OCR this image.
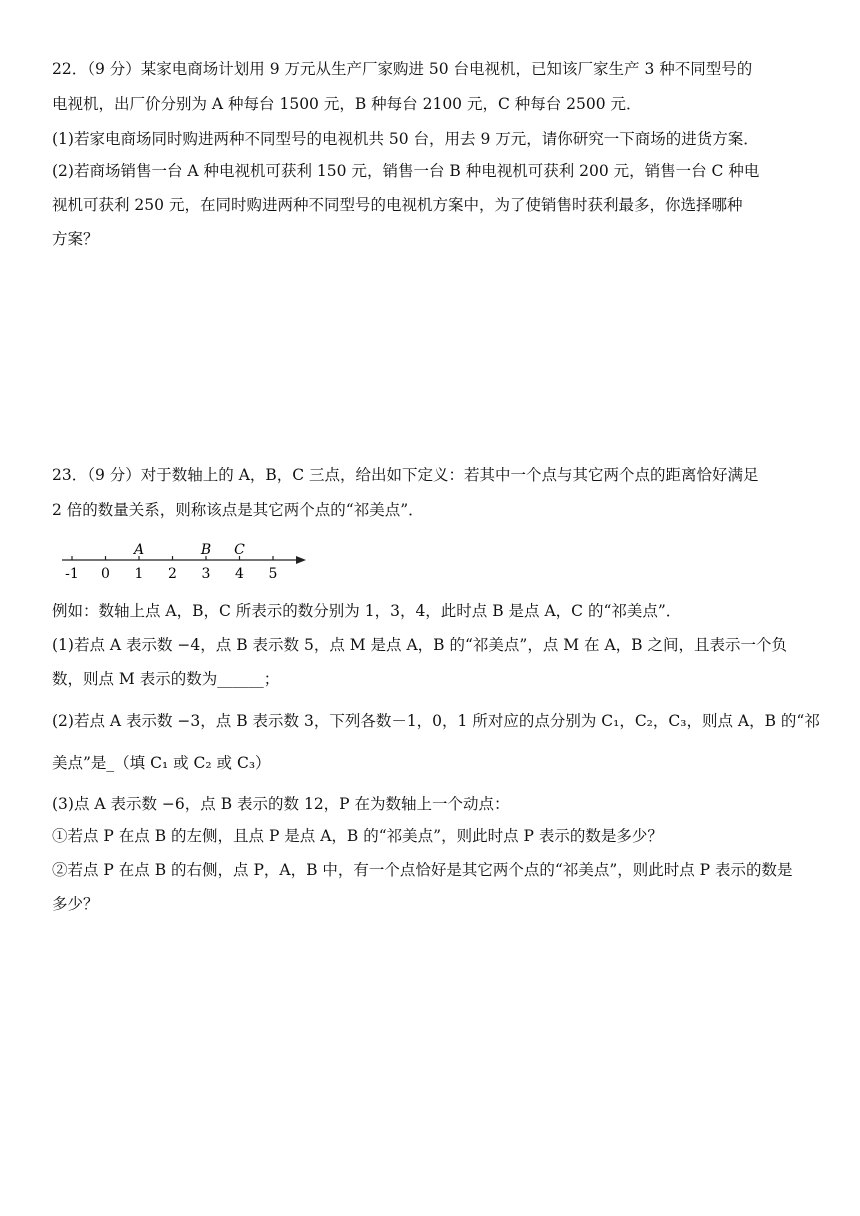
22．（9 分）某家电商场计划用 9 万元从生产厂家购进 50 台电视机，已知该厂家生产 3 种不同型号的
电视机，出厂价分别为 A 种每台 1500 元，B 种每台 2100 元，C 种每台 2500 元．
(1)若家电商场同时购进两种不同型号的电视机共 50 台，用去 9 万元，请你研究一下商场的进货方案．
(2)若商场销售一台 A 种电视机可获利 150 元，销售一台 B 种电视机可获利 200 元，销售一台 C 种电
视机可获利 250 元，在同时购进两种不同型号的电视机方案中，为了使销售时获利最多，你选择哪种
方案？
23．（9 分）对于数轴上的 A，B，C 三点，给出如下定义：若其中一个点与其它两个点的距离恰好满足
2 倍的数量关系，则称该点是其它两个点的“祁美点”．
-1 0 1 2 3 4 5
A	B C
例如：数轴上点 A，B，C 所表示的数分别为 1，3，4，此时点 B 是点 A，C 的“祁美点”．
(1)若点 A 表示数 −4，点 B 表示数 5，点 M 是点 A，B 的“祁美点”，点 M 在 A，B 之间，且表示一个负
数，则点 M 表示的数为______；
(2)若点 A 表示数 −3，点 B 表示数 3，下列各数－1，0，1 所对应的点分别为 C₁，C₂，C₃，则点 A，B 的“祁
美点”是_（填 C₁ 或 C₂ 或 C₃）
(3)点 A 表示数 −6，点 B 表示的数 12，P 在为数轴上一个动点：
①若点 P 在点 B 的左侧，且点 P 是点 A，B 的“祁美点”，则此时点 P 表示的数是多少？
②若点 P 在点 B 的右侧，点 P，A，B 中，有一个点恰好是其它两个点的“祁美点”，则此时点 P 表示的数是
多少？
